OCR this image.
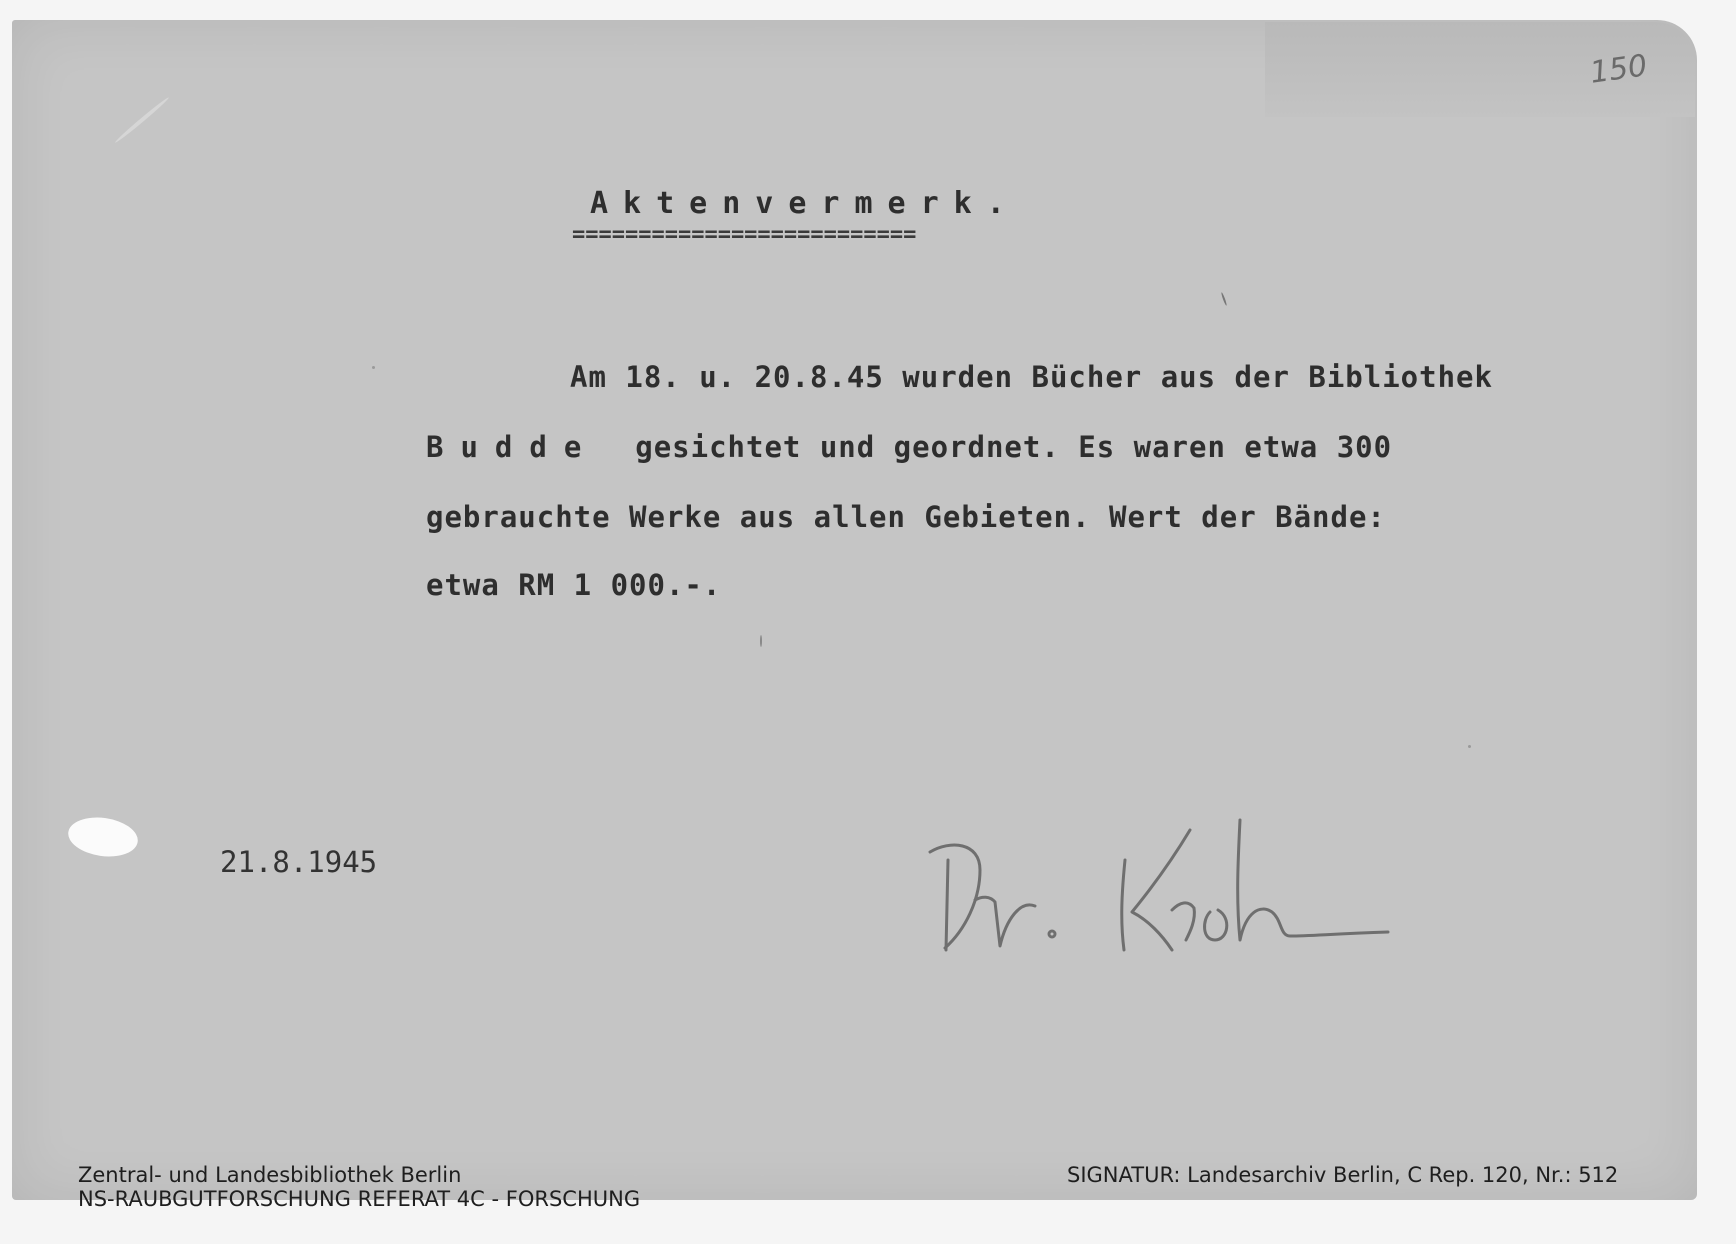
150

Aktenvermerk.

==========================

Am 18. u. 20.8.45 wurden Bücher aus der Bibliothek

Budde gesichtet und geordnet. Es waren etwa 300

gebrauchte Werke aus allen Gebieten. Wert der Bände:

etwa RM 1 000.-.

21.8.1945

Zentral- und Landesbibliothek Berlin
NS-RAUBGUTFORSCHUNG REFERAT 4C - FORSCHUNG

SIGNATUR: Landesarchiv Berlin, C Rep. 120, Nr.: 512
